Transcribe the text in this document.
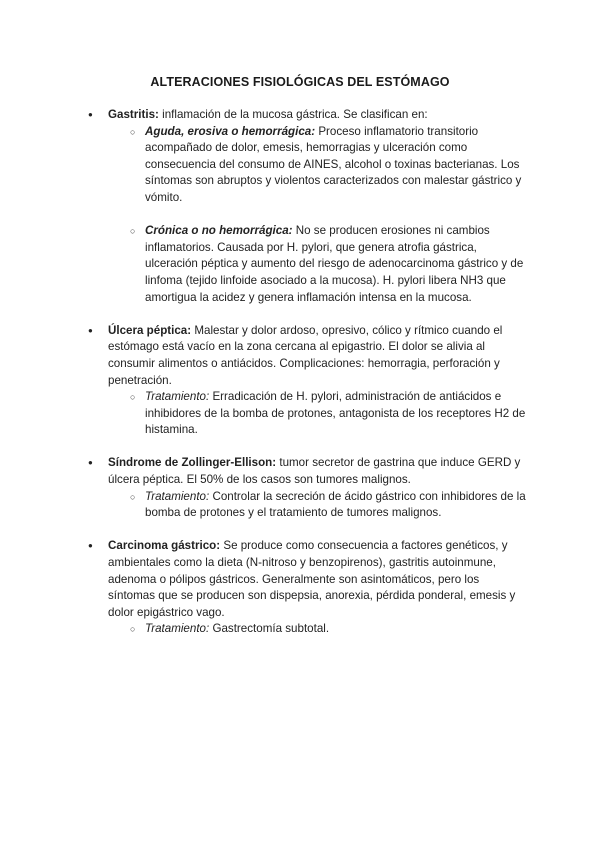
ALTERACIONES FISIOLÓGICAS DEL ESTÓMAGO
● Gastritis: inflamación de la mucosa gástrica. Se clasifican en:
○ Aguda, erosiva o hemorrágica: Proceso inflamatorio transitorio acompañado de dolor, emesis, hemorragias y ulceración como consecuencia del consumo de AINES, alcohol o toxinas bacterianas. Los síntomas son abruptos y violentos caracterizados con malestar gástrico y vómito.
○ Crónica o no hemorrágica: No se producen erosiones ni cambios inflamatorios. Causada por H. pylori, que genera atrofia gástrica, ulceración péptica y aumento del riesgo de adenocarcinoma gástrico y de linfoma (tejido linfoide asociado a la mucosa). H. pylori libera NH3 que amortigua la acidez y genera inflamación intensa en la mucosa.
● Úlcera péptica: Malestar y dolor ardoso, opresivo, cólico y rítmico cuando el estómago está vacío en la zona cercana al epigastrio. El dolor se alivia al consumir alimentos o antiácidos. Complicaciones: hemorragia, perforación y penetración.
○ Tratamiento: Erradicación de H. pylori, administración de antiácidos e inhibidores de la bomba de protones, antagonista de los receptores H2 de histamina.
● Síndrome de Zollinger-Ellison: tumor secretor de gastrina que induce GERD y úlcera péptica. El 50% de los casos son tumores malignos.
○ Tratamiento: Controlar la secreción de ácido gástrico con inhibidores de la bomba de protones y el tratamiento de tumores malignos.
● Carcinoma gástrico: Se produce como consecuencia a factores genéticos, y ambientales como la dieta (N-nitroso y benzopirenos), gastritis autoinmune, adenoma o pólipos gástricos. Generalmente son asintomáticos, pero los síntomas que se producen son dispepsia, anorexia, pérdida ponderal, emesis y dolor epigástrico vago.
○ Tratamiento: Gastrectomía subtotal.
